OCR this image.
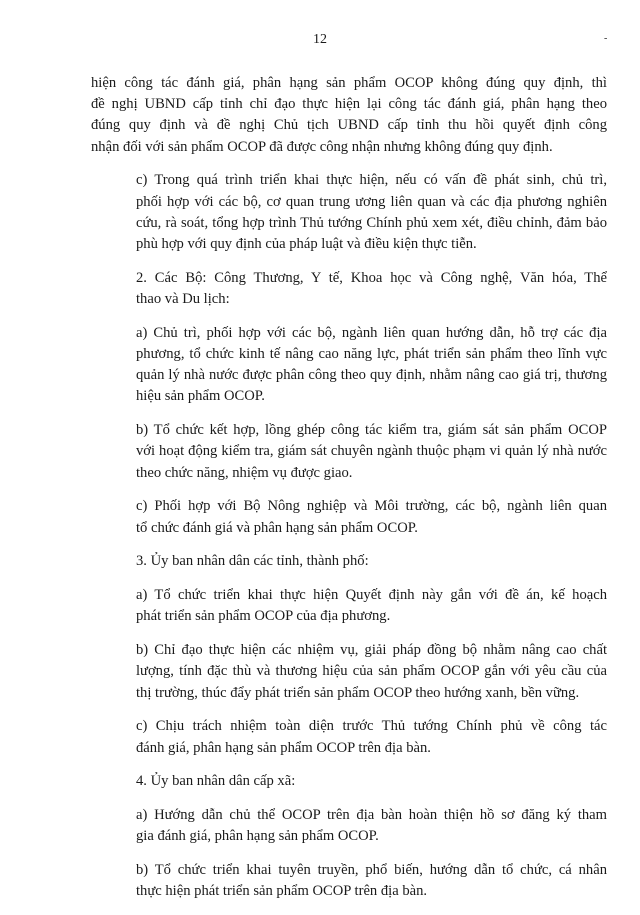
12	-

hiện công tác đánh giá, phân hạng sản phẩm OCOP không đúng quy định, thì
đề nghị UBND cấp tỉnh chỉ đạo thực hiện lại công tác đánh giá, phân hạng theo
đúng quy định và đề nghị Chủ tịch UBND cấp tỉnh thu hồi quyết định công
nhận đối với sản phẩm OCOP đã được công nhận nhưng không đúng quy định.

c) Trong quá trình triển khai thực hiện, nếu có vấn đề phát sinh, chủ trì,
phối hợp với các bộ, cơ quan trung ương liên quan và các địa phương nghiên
cứu, rà soát, tổng hợp trình Thủ tướng Chính phủ xem xét, điều chỉnh, đảm bảo
phù hợp với quy định của pháp luật và điều kiện thực tiễn.

2. Các Bộ: Công Thương, Y tế, Khoa học và Công nghệ, Văn hóa, Thể
thao và Du lịch:

a) Chủ trì, phối hợp với các bộ, ngành liên quan hướng dẫn, hỗ trợ các địa
phương, tổ chức kinh tế nâng cao năng lực, phát triển sản phẩm theo lĩnh vực
quản lý nhà nước được phân công theo quy định, nhằm nâng cao giá trị, thương
hiệu sản phẩm OCOP.

b) Tổ chức kết hợp, lồng ghép công tác kiểm tra, giám sát sản phẩm OCOP
với hoạt động kiểm tra, giám sát chuyên ngành thuộc phạm vi quản lý nhà nước
theo chức năng, nhiệm vụ được giao.

c) Phối hợp với Bộ Nông nghiệp và Môi trường, các bộ, ngành liên quan
tổ chức đánh giá và phân hạng sản phẩm OCOP.

3. Ủy ban nhân dân các tỉnh, thành phố:

a) Tổ chức triển khai thực hiện Quyết định này gắn với đề án, kế hoạch
phát triển sản phẩm OCOP của địa phương.

b) Chỉ đạo thực hiện các nhiệm vụ, giải pháp đồng bộ nhằm nâng cao chất
lượng, tính đặc thù và thương hiệu của sản phẩm OCOP gắn với yêu cầu của
thị trường, thúc đẩy phát triển sản phẩm OCOP theo hướng xanh, bền vững.

c) Chịu trách nhiệm toàn diện trước Thủ tướng Chính phủ về công tác
đánh giá, phân hạng sản phẩm OCOP trên địa bàn.

4. Ủy ban nhân dân cấp xã:

a) Hướng dẫn chủ thể OCOP trên địa bàn hoàn thiện hồ sơ đăng ký tham
gia đánh giá, phân hạng sản phẩm OCOP.

b) Tổ chức triển khai tuyên truyền, phổ biến, hướng dẫn tổ chức, cá nhân
thực hiện phát triển sản phẩm OCOP trên địa bàn.
